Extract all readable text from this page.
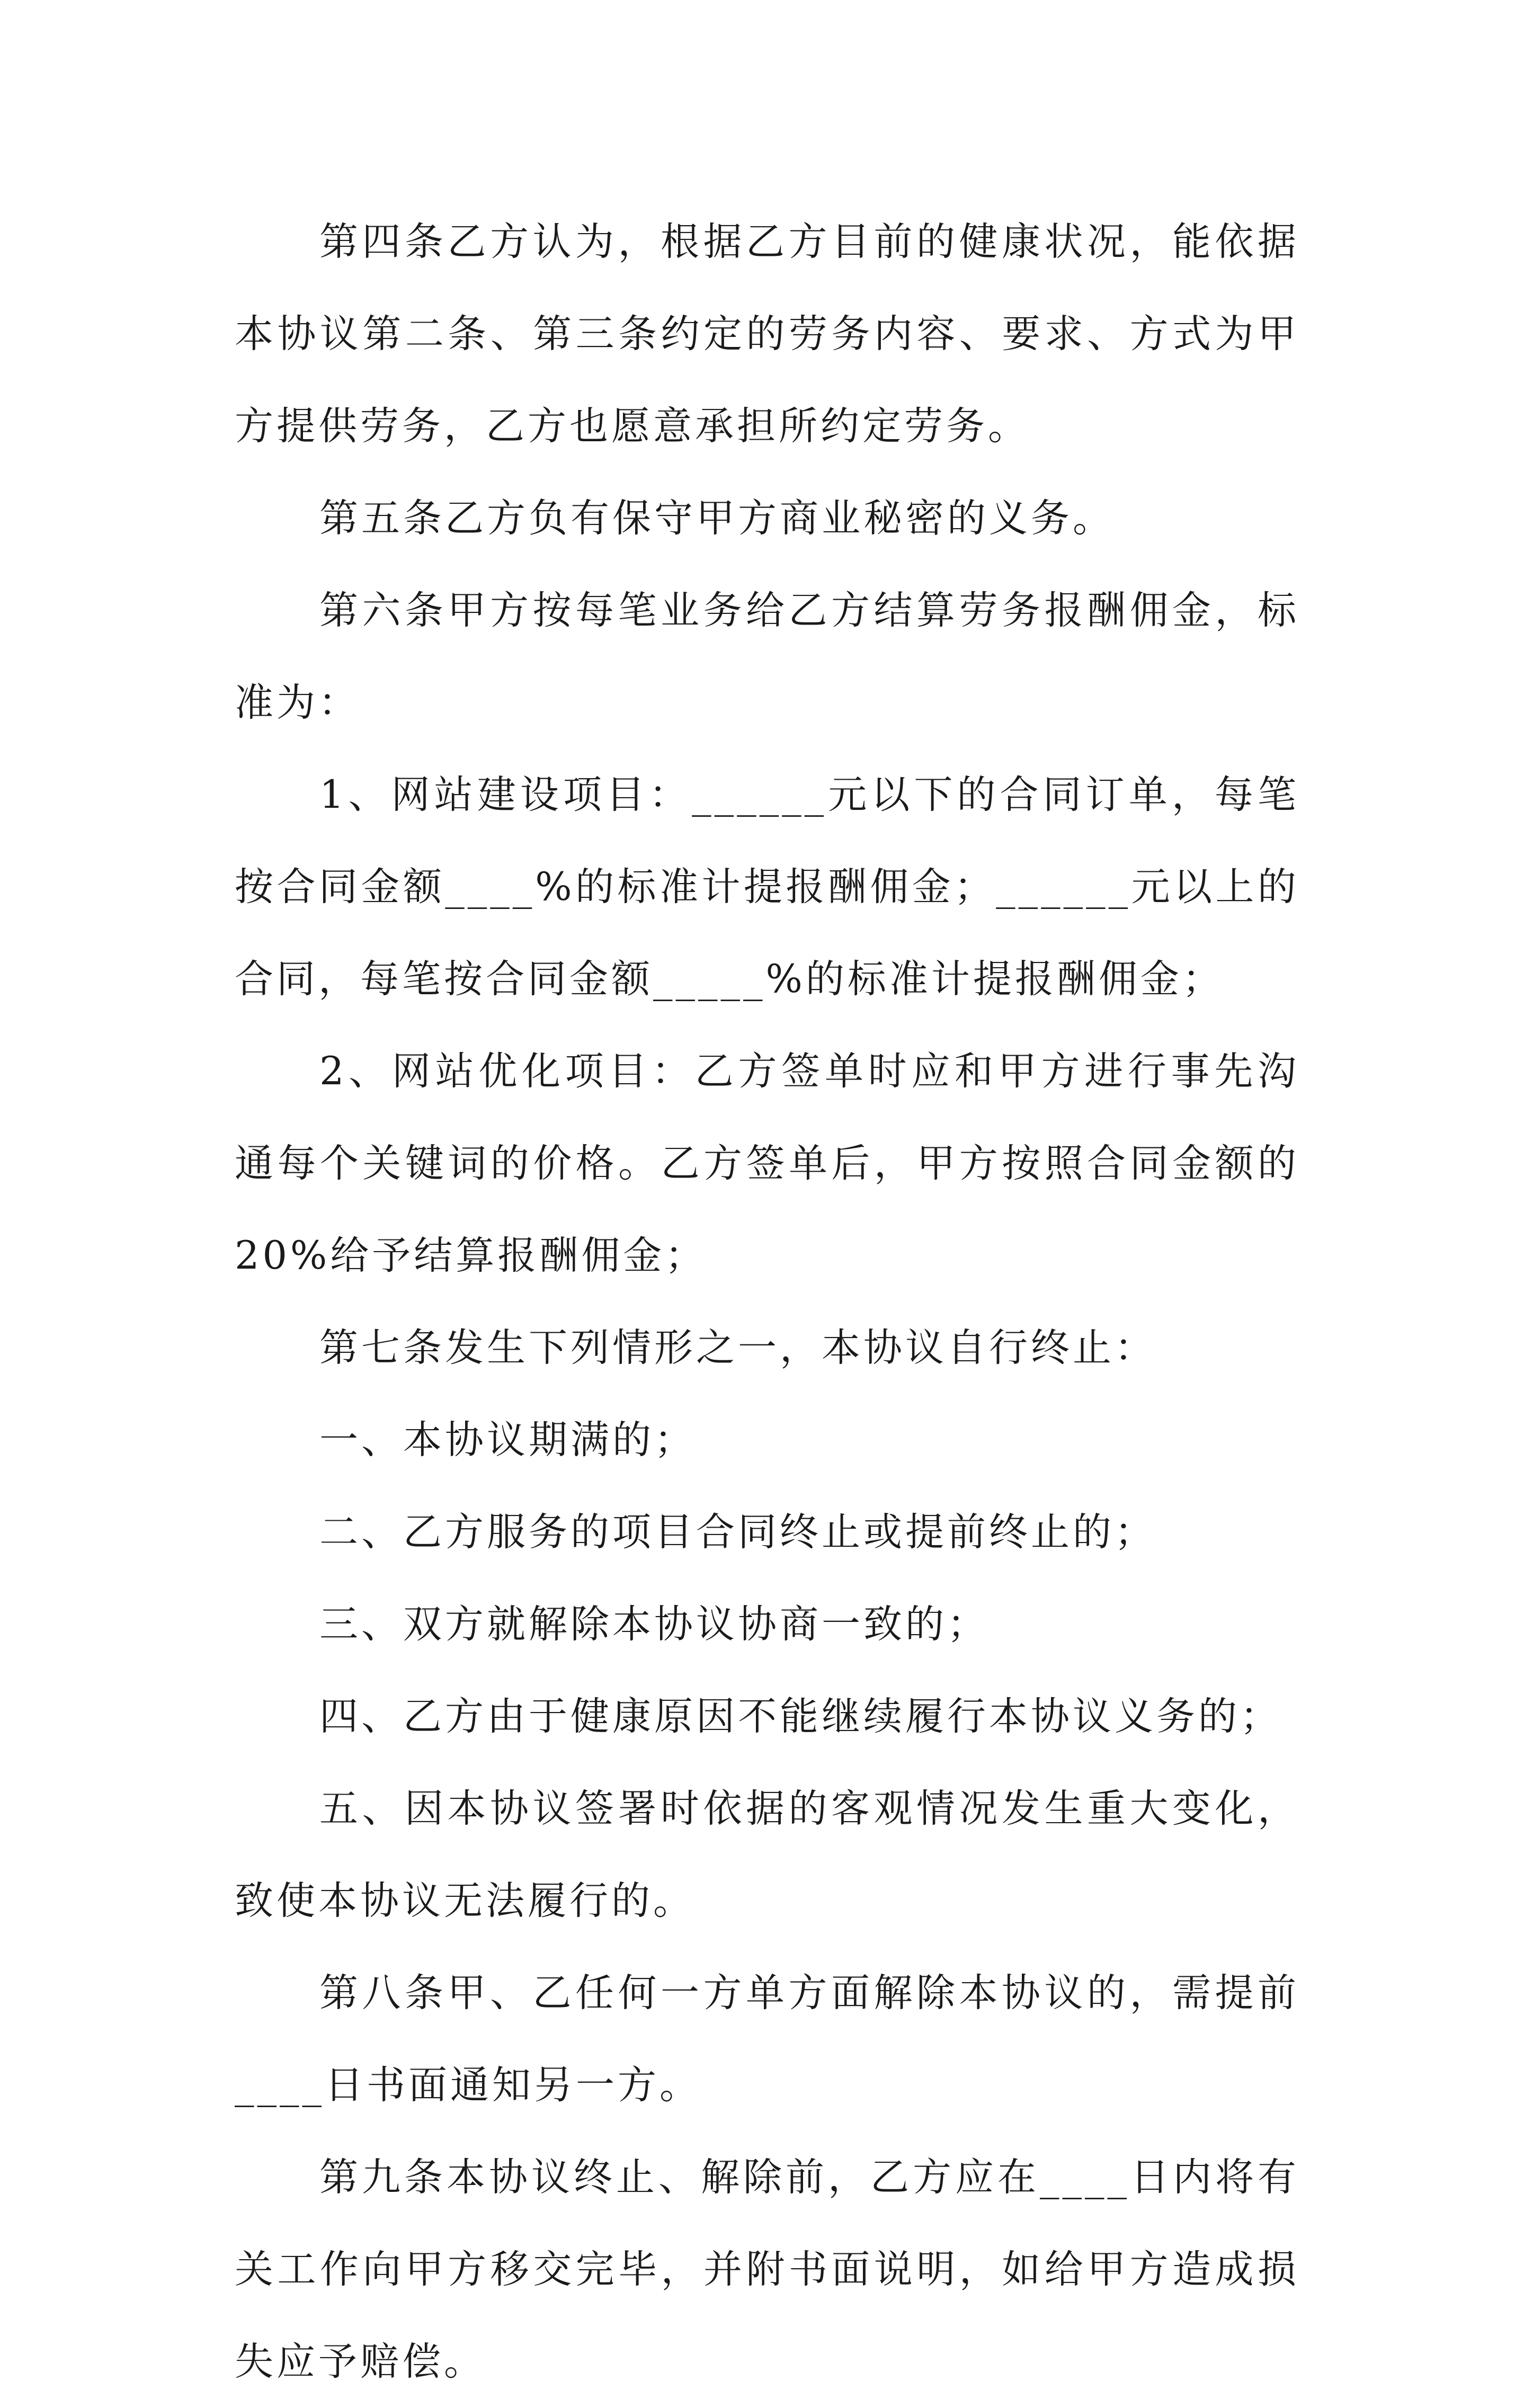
第四条乙方认为，根据乙方目前的健康状况，能依据本协议第二条、第三条约定的劳务内容、要求、方式为甲方提供劳务，乙方也愿意承担所约定劳务。

第五条乙方负有保守甲方商业秘密的义务。

第六条甲方按每笔业务给乙方结算劳务报酬佣金，标准为：

1、网站建设项目：______元以下的合同订单，每笔按合同金额____%的标准计提报酬佣金；______元以上的合同，每笔按合同金额_____%的标准计提报酬佣金；

2、网站优化项目：乙方签单时应和甲方进行事先沟通每个关键词的价格。乙方签单后，甲方按照合同金额的20%给予结算报酬佣金；

第七条发生下列情形之一，本协议自行终止：

一、本协议期满的；

二、乙方服务的项目合同终止或提前终止的；

三、双方就解除本协议协商一致的；

四、乙方由于健康原因不能继续履行本协议义务的；

五、因本协议签署时依据的客观情况发生重大变化，致使本协议无法履行的。

第八条甲、乙任何一方单方面解除本协议的，需提前____日书面通知另一方。

第九条本协议终止、解除前，乙方应在____日内将有关工作向甲方移交完毕，并附书面说明，如给甲方造成损失应予赔偿。
